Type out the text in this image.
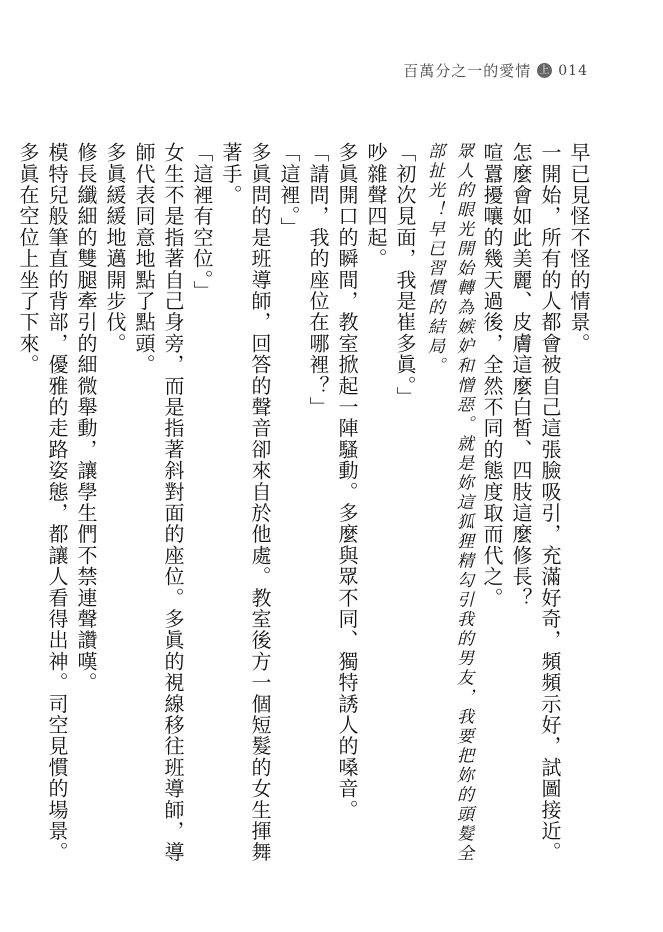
百萬分之一的愛情 上 014

早已見怪不怪的情景。

一開始，所有的人都會被自己這張臉吸引，充滿好奇，頻頻示好，試圖接近。

怎麼會如此美麗、皮膚這麼白皙、四肢這麼修長？

喧囂擾嚷的幾天過後，全然不同的態度取而代之。

眾人的眼光開始轉為嫉妒和憎惡。就是妳這狐狸精勾引我的男友，我要把妳的頭髮全部扯光！早已習慣的結局。

「初次見面，我是崔多眞。」

吵雜聲四起。

多眞開口的瞬間，教室掀起一陣騷動。多麼與眾不同、獨特誘人的嗓音。

「請問，我的座位在哪裡？」

「這裡。」

多眞問的是班導師，回答的聲音卻來自於他處。教室後方一個短髮的女生揮舞著手。

「這裡有空位。」

女生不是指著自己身旁，而是指著斜對面的座位。多眞的視線移往班導師，導師代表同意地點了點頭。

多眞緩緩地邁開步伐。

修長纖細的雙腿牽引的細微舉動，讓學生們不禁連聲讚嘆。

模特兒般筆直的背部，優雅的走路姿態，都讓人看得出神。司空見慣的場景。

多眞在空位上坐了下來。
